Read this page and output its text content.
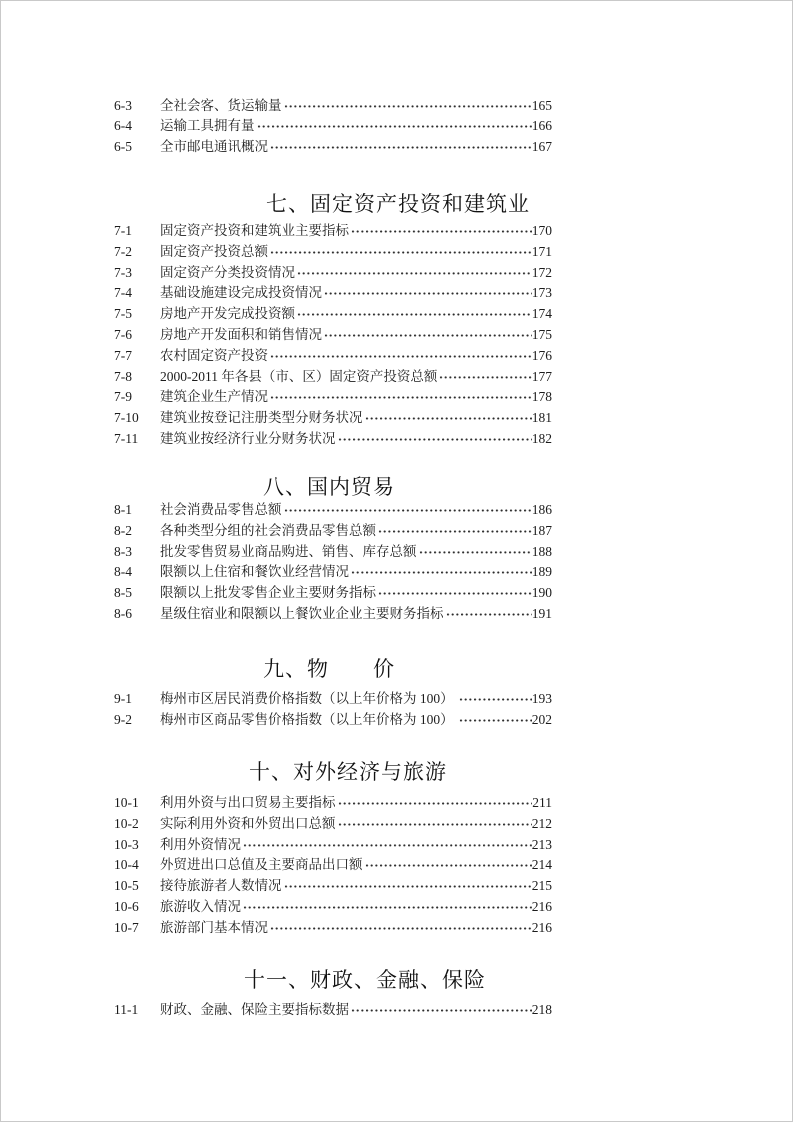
6-3	全社会客、货运输量	165
6-4	运输工具拥有量	166
6-5	全市邮电通讯概况	167
七、固定资产投资和建筑业
7-1	固定资产投资和建筑业主要指标	170
7-2	固定资产投资总额	171
7-3	固定资产分类投资情况	172
7-4	基础设施建设完成投资情况	173
7-5	房地产开发完成投资额	174
7-6	房地产开发面积和销售情况	175
7-7	农村固定资产投资	176
7-8	2000-2011 年各县（市、区）固定资产投资总额	177
7-9	建筑企业生产情况	178
7-10	建筑业按登记注册类型分财务状况	181
7-11	建筑业按经济行业分财务状况	182
八、国内贸易
8-1	社会消费品零售总额	186
8-2	各种类型分组的社会消费品零售总额	187
8-3	批发零售贸易业商品购进、销售、库存总额	188
8-4	限额以上住宿和餐饮业经营情况	189
8-5	限额以上批发零售企业主要财务指标	190
8-6	星级住宿业和限额以上餐饮业企业主要财务指标	191
九、物　　价
9-1	梅州市区居民消费价格指数（以上年价格为 100）	193
9-2	梅州市区商品零售价格指数（以上年价格为 100）	202
十、对外经济与旅游
10-1	利用外资与出口贸易主要指标	211
10-2	实际利用外资和外贸出口总额	212
10-3	利用外资情况	213
10-4	外贸进出口总值及主要商品出口额	214
10-5	接待旅游者人数情况	215
10-6	旅游收入情况	216
10-7	旅游部门基本情况	216
十一、财政、金融、保险
11-1	财政、金融、保险主要指标数据	218
